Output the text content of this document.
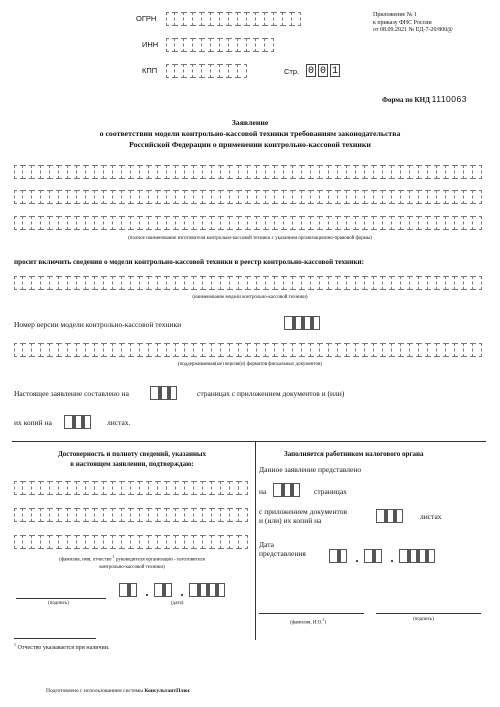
ОГРН
ИНН
КПП	Стр. 0 0 1
Приложение № 1
к приказу ФНС России
от 08.09.2021 № ЕД-7-20/800@
Форма по КНД 1110063
Заявление
о соответствии модели контрольно-кассовой техники требованиям законодательства
Российской Федерации о применении контрольно-кассовой техники
(полное наименование изготовителя контрольно-кассовой техники с указанием организационно-правовой формы)
просит включить сведения о модели контрольно-кассовой техники в реестр контрольно-кассовой техники:
(наименование модели контрольно-кассовой техники)
Номер версии модели контрольно-кассовой техники
(поддерживаемая(ые) версия(и) форматов фискальных документов)
Настоящее заявление составлено на	страницах с приложением документов и (или)
их копий на	листах.
Достоверность и полноту сведений, указанных
в настоящем заявлении, подтверждаю:
(фамилия, имя, отчество $^1$ руководителя организации - изготовителя
контрольно-кассовой техники)
(подпись)	(дата)
Заполняется работником налогового органа
Данное заявление представлено
на	страницах
с приложением документов
и (или) их копий на	листах
Дата
представления
(фамилия, И.О.$^1$)
(подпись)
$^1$ Отчество указывается при наличии.
Подготовлено с использованием системы КонсультантПлюс
